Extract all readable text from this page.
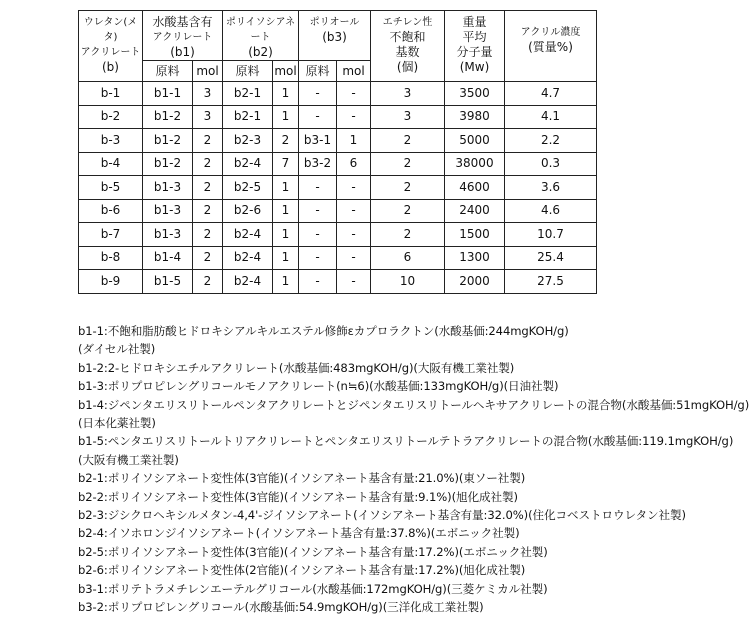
ウレタン(メタ)
アクリレート
(b)

水酸基含有
アクリレート
(b1)

ポリイソシアネート
(b2)

ポリオール
(b3)

エチレン性
不飽和
基数
(個)

重量
平均
分子量
(Mw)

アクリル濃度
(質量%)

原料	mol	原料	mol	原料	mol
b-1	b1-1	3	b2-1	1	-	-	3	3500	4.7
b-2	b1-2	3	b2-1	1	-	-	3	3980	4.1
b-3	b1-2	2	b2-3	2	b3-1	1	2	5000	2.2
b-4	b1-2	2	b2-4	7	b3-2	6	2	38000	0.3
b-5	b1-3	2	b2-5	1	-	-	2	4600	3.6
b-6	b1-3	2	b2-6	1	-	-	2	2400	4.6
b-7	b1-3	2	b2-4	1	-	-	2	1500	10.7
b-8	b1-4	2	b2-4	1	-	-	6	1300	25.4
b-9	b1-5	2	b2-4	1	-	-	10	2000	27.5

b1-1:不飽和脂肪酸ヒドロキシアルキルエステル修飾εカプロラクトン(水酸基価:244mgKOH/g)

(ダイセル社製)

b1-2:2-ヒドロキシエチルアクリレート(水酸基価:483mgKOH/g)(大阪有機工業社製)

b1-3:ポリプロピレングリコールモノアクリレート(n≒6)(水酸基価:133mgKOH/g)(日油社製)

b1-4:ジペンタエリスリトールペンタアクリレートとジペンタエリスリトールヘキサアクリレートの混合物(水酸基価:51mgKOH/g)

(日本化薬社製)

b1-5:ペンタエリスリトールトリアクリレートとペンタエリスリトールテトラアクリレートの混合物(水酸基価:119.1mgKOH/g)

(大阪有機工業社製)

b2-1:ポリイソシアネート変性体(3官能)(イソシアネート基含有量:21.0%)(東ソー社製)

b2-2:ポリイソシアネート変性体(3官能)(イソシアネート基含有量:9.1%)(旭化成社製)

b2-3:ジシクロヘキシルメタン-4,4'-ジイソシアネート(イソシアネート基含有量:32.0%)(住化コベストロウレタン社製)

b2-4:イソホロンジイソシアネート(イソシアネート基含有量:37.8%)(エボニック社製)

b2-5:ポリイソシアネート変性体(3官能)(イソシアネート基含有量:17.2%)(エボニック社製)

b2-6:ポリイソシアネート変性体(2官能)(イソシアネート基含有量:17.2%)(旭化成社製)

b3-1:ポリテトラメチレンエーテルグリコール(水酸基価:172mgKOH/g)(三菱ケミカル社製)

b3-2:ポリプロピレングリコール(水酸基価:54.9mgKOH/g)(三洋化成工業社製)
